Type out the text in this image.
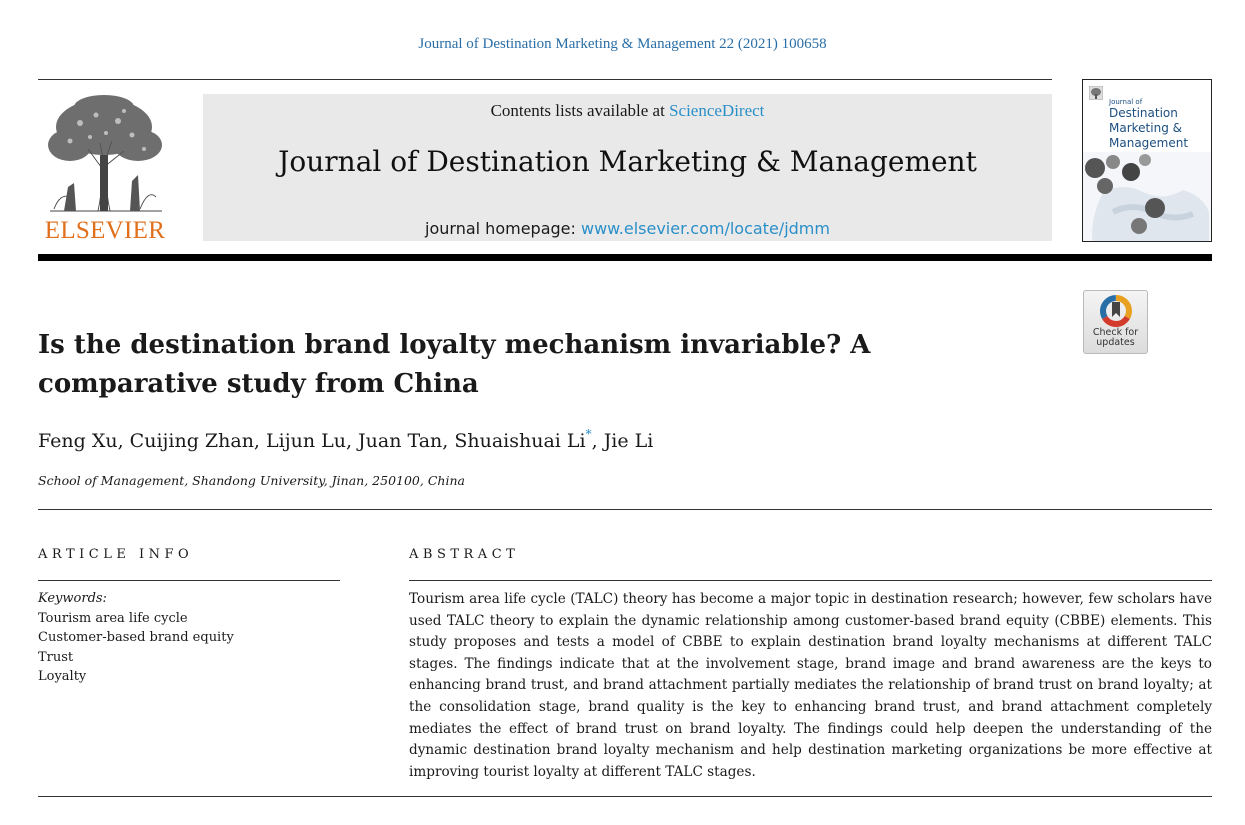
Journal of Destination Marketing & Management 22 (2021) 100658
ELSEVIER
Contents lists available at ScienceDirect
Journal of Destination Marketing & Management
journal homepage: www.elsevier.com/locate/jdmm
Journal of
Destination
Marketing &
Management
Check for
updates
Is the destination brand loyalty mechanism invariable? A comparative study from China
Feng Xu, Cuijing Zhan, Lijun Lu, Juan Tan, Shuaishuai Li*, Jie Li
School of Management, Shandong University, Jinan, 250100, China
ARTICLE INFO	ABSTRACT
Keywords:
Tourism area life cycle
Customer-based brand equity
Trust
Loyalty

Tourism area life cycle (TALC) theory has become a major topic in destination research; however, few scholars have used TALC theory to explain the dynamic relationship among customer-based brand equity (CBBE) elements. This study proposes and tests a model of CBBE to explain destination brand loyalty mechanisms at different TALC stages. The findings indicate that at the involvement stage, brand image and brand awareness are the keys to enhancing brand trust, and brand attachment partially mediates the relationship of brand trust on brand loyalty; at the consolidation stage, brand quality is the key to enhancing brand trust, and brand attachment completely mediates the effect of brand trust on brand loyalty. The findings could help deepen the understanding of the dynamic destination brand loyalty mechanism and help destination marketing organizations be more effective at improving tourist loyalty at different TALC stages.
